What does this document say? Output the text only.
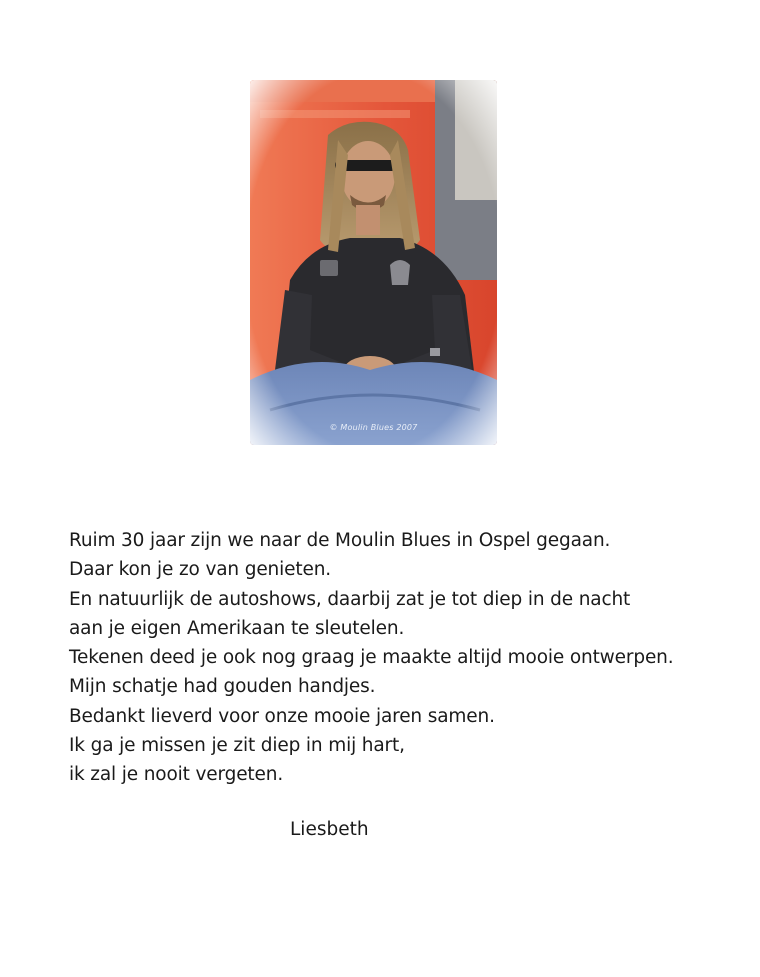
© Moulin Blues 2007
Ruim 30 jaar zijn we naar de Moulin Blues in Ospel gegaan.
Daar kon je zo van genieten.
En natuurlijk de autoshows, daarbij zat je tot diep in de nacht
aan je eigen Amerikaan te sleutelen.
Tekenen deed je ook nog graag je maakte altijd mooie ontwerpen.
Mijn schatje had gouden handjes.
Bedankt lieverd voor onze mooie jaren samen.
Ik ga je missen je zit diep in mij hart,
ik zal je nooit vergeten.
Liesbeth
